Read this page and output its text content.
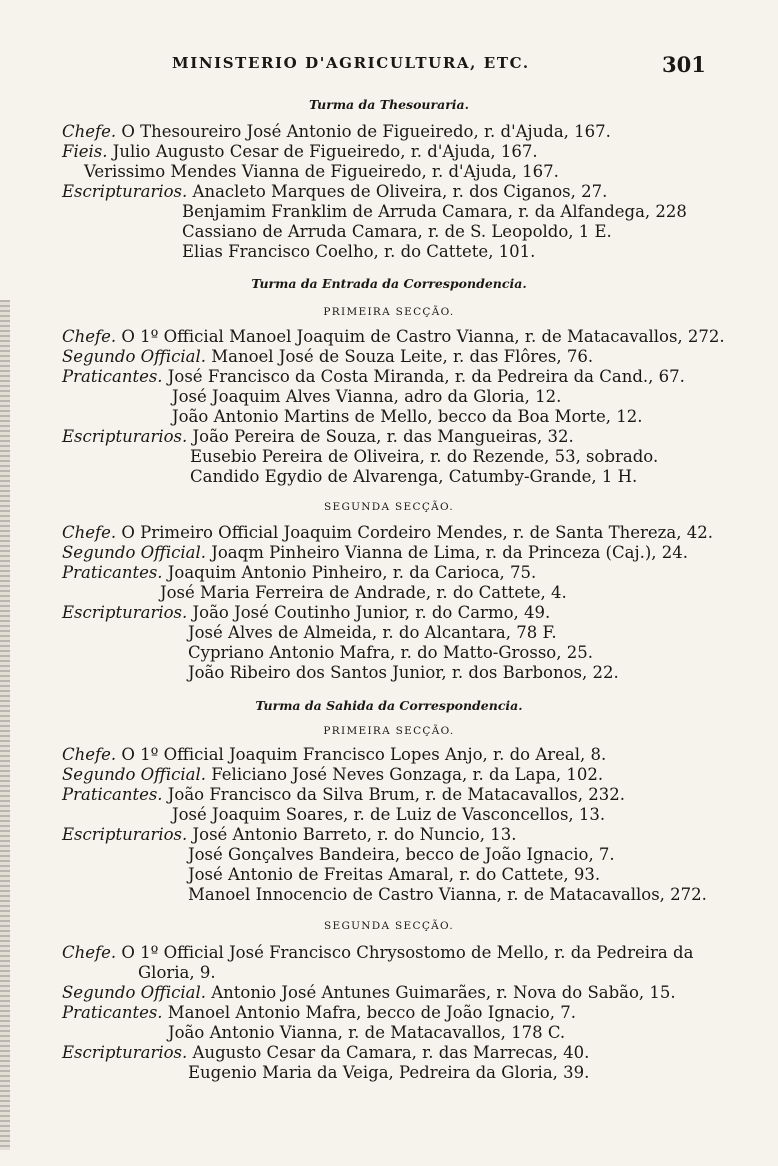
MINISTERIO D'AGRICULTURA, ETC.	301
Turma da Thesouraria.
Chefe. O Thesoureiro José Antonio de Figueiredo, r. d'Ajuda, 167.
Fieis. Julio Augusto Cesar de Figueiredo, r. d'Ajuda, 167.
Verissimo Mendes Vianna de Figueiredo, r. d'Ajuda, 167.
Escripturarios. Anacleto Marques de Oliveira, r. dos Ciganos, 27.
Benjamim Franklim de Arruda Camara, r. da Alfandega, 228
Cassiano de Arruda Camara, r. de S. Leopoldo, 1 E.
Elias Francisco Coelho, r. do Cattete, 101.
Turma da Entrada da Correspondencia.
PRIMEIRA SECÇÃO.
Chefe. O 1º Official Manoel Joaquim de Castro Vianna, r. de Matacavallos, 272.
Segundo Official. Manoel José de Souza Leite, r. das Flôres, 76.
Praticantes. José Francisco da Costa Miranda, r. da Pedreira da Cand., 67.
José Joaquim Alves Vianna, adro da Gloria, 12.
João Antonio Martins de Mello, becco da Boa Morte, 12.
Escripturarios. João Pereira de Souza, r. das Mangueiras, 32.
Eusebio Pereira de Oliveira, r. do Rezende, 53, sobrado.
Candido Egydio de Alvarenga, Catumby-Grande, 1 H.
SEGUNDA SECÇÃO.
Chefe. O Primeiro Official Joaquim Cordeiro Mendes, r. de Santa Thereza, 42.
Segundo Official. Joaqm Pinheiro Vianna de Lima, r. da Princeza (Caj.), 24.
Praticantes. Joaquim Antonio Pinheiro, r. da Carioca, 75.
José Maria Ferreira de Andrade, r. do Cattete, 4.
Escripturarios. João José Coutinho Junior, r. do Carmo, 49.
José Alves de Almeida, r. do Alcantara, 78 F.
Cypriano Antonio Mafra, r. do Matto-Grosso, 25.
João Ribeiro dos Santos Junior, r. dos Barbonos, 22.
Turma da Sahida da Correspondencia.
PRIMEIRA SECÇÃO.
Chefe. O 1º Official Joaquim Francisco Lopes Anjo, r. do Areal, 8.
Segundo Official. Feliciano José Neves Gonzaga, r. da Lapa, 102.
Praticantes. João Francisco da Silva Brum, r. de Matacavallos, 232.
José Joaquim Soares, r. de Luiz de Vasconcellos, 13.
Escripturarios. José Antonio Barreto, r. do Nuncio, 13.
José Gonçalves Bandeira, becco de João Ignacio, 7.
José Antonio de Freitas Amaral, r. do Cattete, 93.
Manoel Innocencio de Castro Vianna, r. de Matacavallos, 272.
SEGUNDA SECÇÃO.
Chefe. O 1º Official José Francisco Chrysostomo de Mello, r. da Pedreira da
Gloria, 9.
Segundo Official. Antonio José Antunes Guimarães, r. Nova do Sabão, 15.
Praticantes. Manoel Antonio Mafra, becco de João Ignacio, 7.
João Antonio Vianna, r. de Matacavallos, 178 C.
Escripturarios. Augusto Cesar da Camara, r. das Marrecas, 40.
Eugenio Maria da Veiga, Pedreira da Gloria, 39.
